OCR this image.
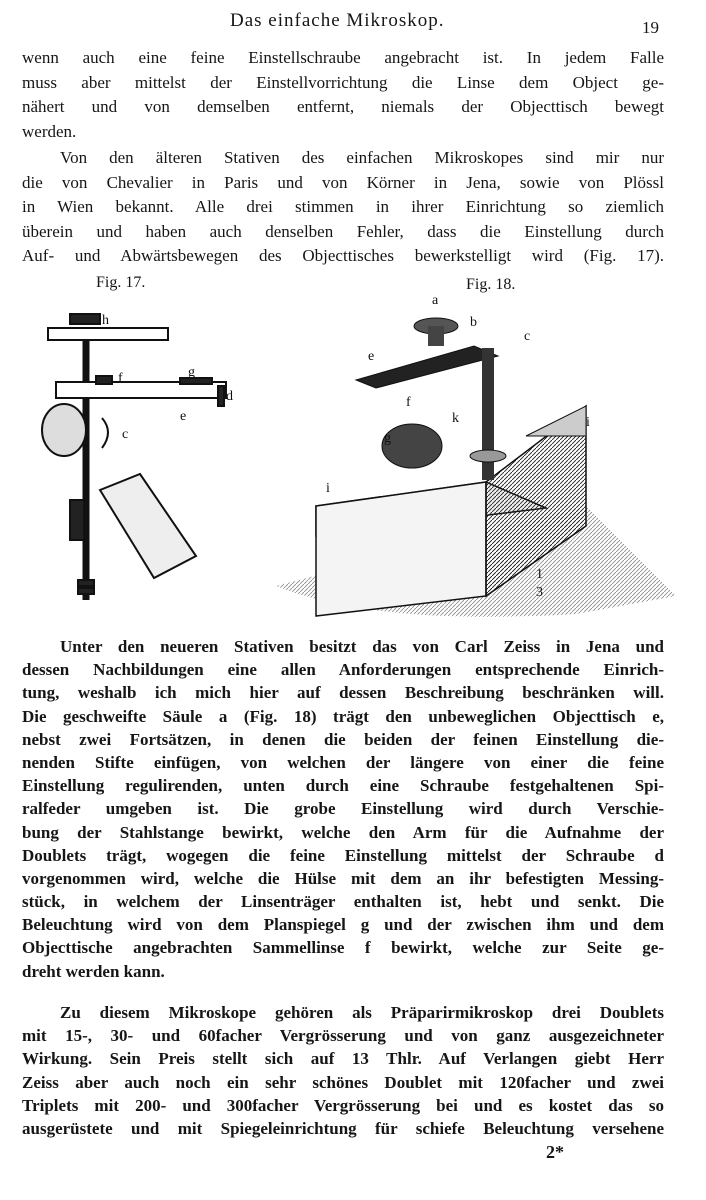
Das einfache Mikroskop.	19
wenn auch eine feine Einstellschraube angebracht ist. In jedem Falle
muss aber mittelst der Einstellvorrichtung die Linse dem Object ge-
nähert und von demselben entfernt, niemals der Objecttisch bewegt
werden.
Von den älteren Stativen des einfachen Mikroskopes sind mir nur
die von Chevalier in Paris und von Körner in Jena, sowie von Plössl
in Wien bekannt. Alle drei stimmen in ihrer Einrichtung so ziemlich
überein und haben auch denselben Fehler, dass die Einstellung durch
Auf- und Abwärtsbewegen des Objecttisches bewerkstelligt wird (Fig. 17).
Fig. 17.	Fig. 18.
h
f	g
d
e
c
a
b
c
e
f
k
g
i
i
1
3
Unter den neueren Stativen besitzt das von Carl Zeiss in Jena und
dessen Nachbildungen eine allen Anforderungen entsprechende Einrich-
tung, weshalb ich mich hier auf dessen Beschreibung beschränken will.
Die geschweifte Säule a (Fig. 18) trägt den unbeweglichen Objecttisch e,
nebst zwei Fortsätzen, in denen die beiden der feinen Einstellung die-
nenden Stifte einfügen, von welchen der längere von einer die feine
Einstellung regulirenden, unten durch eine Schraube festgehaltenen Spi-
ralfeder umgeben ist. Die grobe Einstellung wird durch Verschie-
bung der Stahlstange bewirkt, welche den Arm für die Aufnahme der
Doublets trägt, wogegen die feine Einstellung mittelst der Schraube d
vorgenommen wird, welche die Hülse mit dem an ihr befestigten Messing-
stück, in welchem der Linsenträger enthalten ist, hebt und senkt. Die
Beleuchtung wird von dem Planspiegel g und der zwischen ihm und dem
Objecttische angebrachten Sammellinse f bewirkt, welche zur Seite ge-
dreht werden kann.
Zu diesem Mikroskope gehören als Präparirmikroskop drei Doublets
mit 15-, 30- und 60facher Vergrösserung und von ganz ausgezeichneter
Wirkung. Sein Preis stellt sich auf 13 Thlr. Auf Verlangen giebt Herr
Zeiss aber auch noch ein sehr schönes Doublet mit 120facher und zwei
Triplets mit 200- und 300facher Vergrösserung bei und es kostet das so
ausgerüstete und mit Spiegeleinrichtung für schiefe Beleuchtung versehene
2*
